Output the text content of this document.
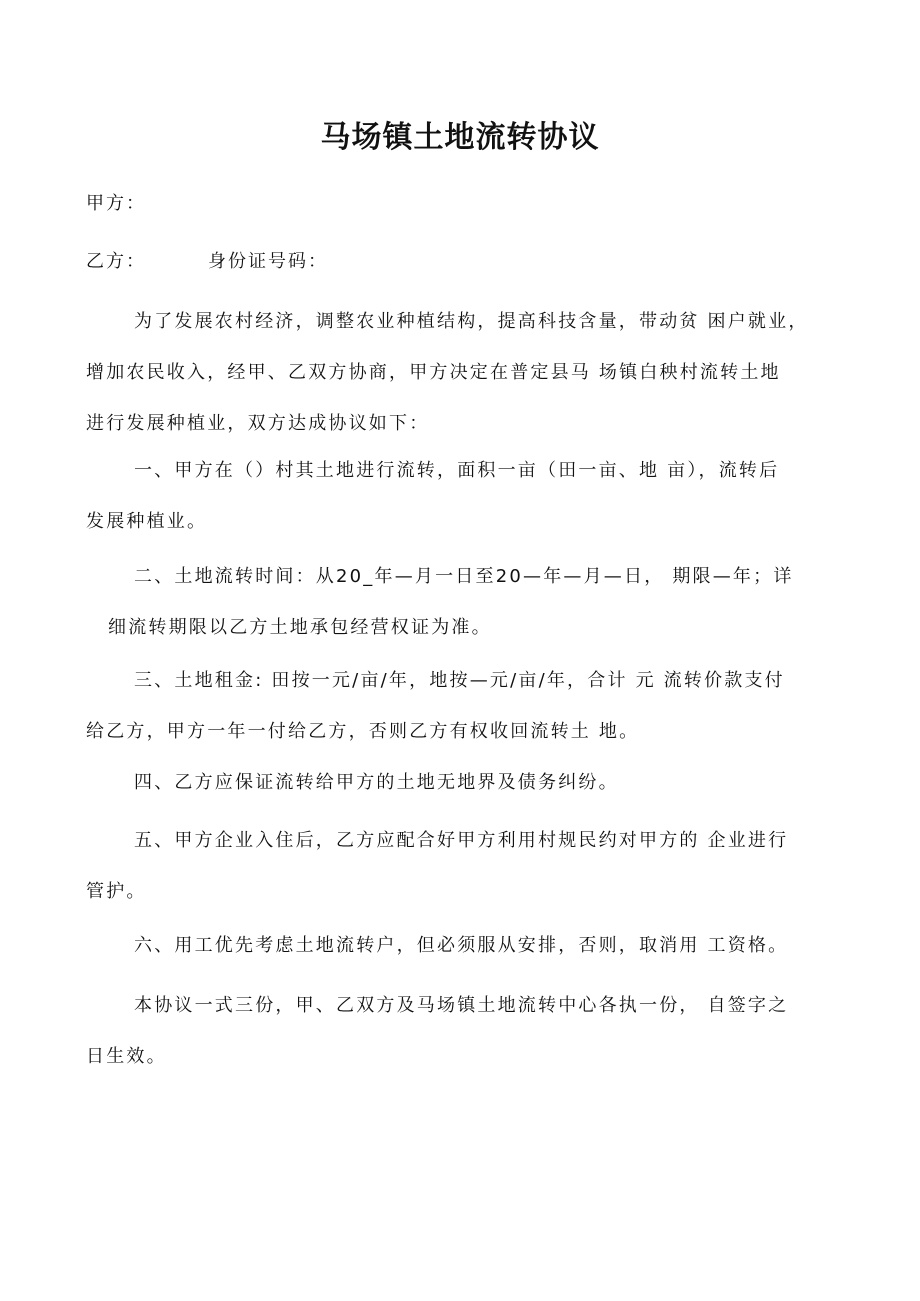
马场镇土地流转协议
甲方：
乙方：	身份证号码：
为了发展农村经济，调整农业种植结构，提高科技含量，带动贫 困户就业，
增加农民收入，经甲、乙双方协商，甲方决定在普定县马 场镇白秧村流转土地
进行发展种植业，双方达成协议如下：
一、甲方在（）村其土地进行流转，面积一亩（田一亩、地 亩），流转后
发展种植业。
二、土地流转时间：从20_年—月一日至20—年—月—日， 期限—年；详
细流转期限以乙方土地承包经营权证为准。
三、土地租金: 田按一元/亩/年，地按—元/亩/年，合计 元 流转价款支付
给乙方，甲方一年一付给乙方，否则乙方有权收回流转土 地。
四、乙方应保证流转给甲方的土地无地界及债务纠纷。
五、甲方企业入住后，乙方应配合好甲方利用村规民约对甲方的 企业进行
管护。
六、用工优先考虑土地流转户，但必须服从安排，否则，取消用 工资格。
本协议一式三份，甲、乙双方及马场镇土地流转中心各执一份， 自签字之
日生效。
